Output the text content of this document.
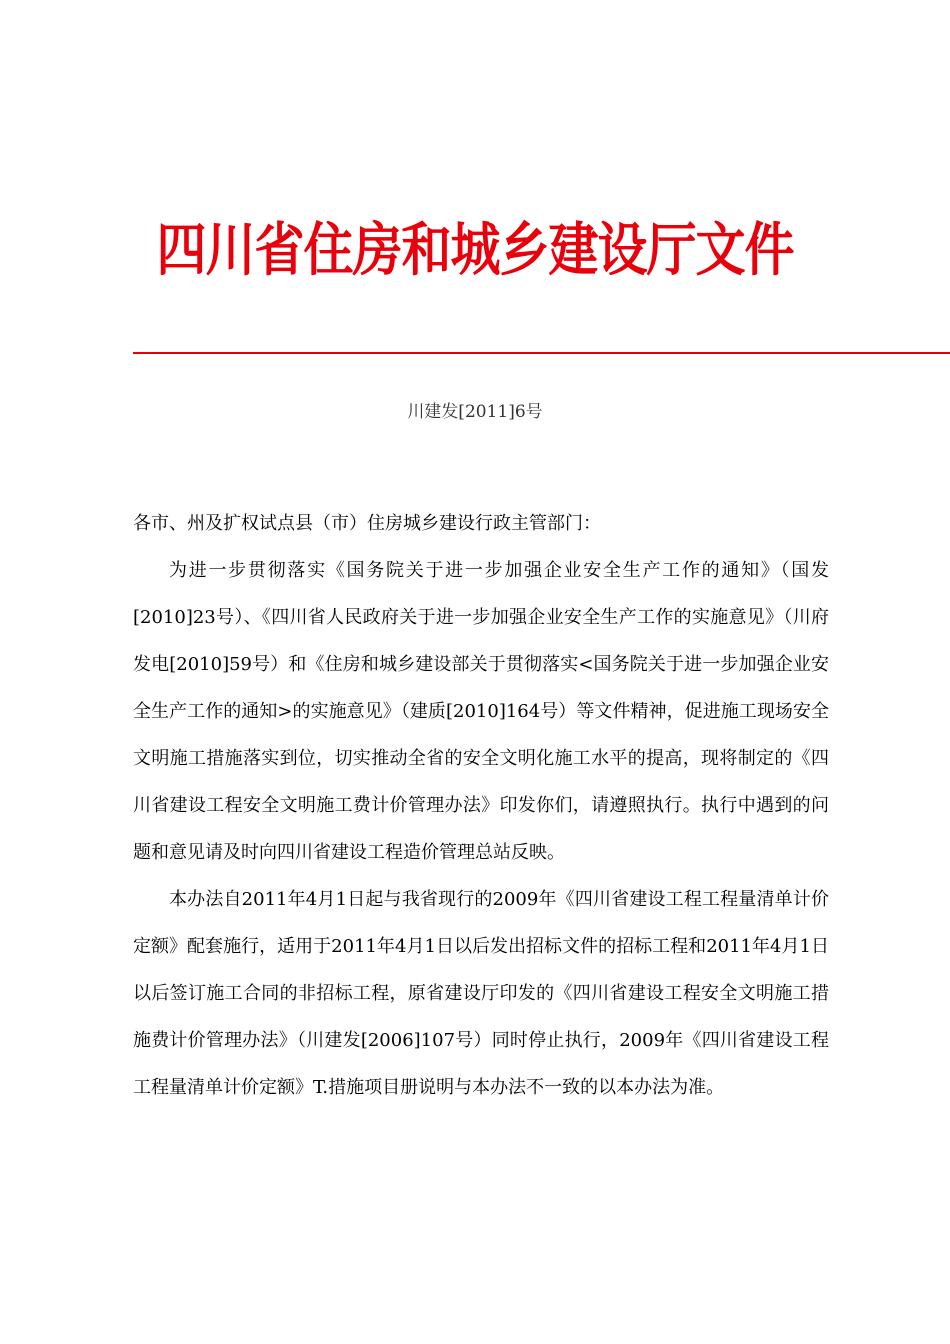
四川省住房和城乡建设厅文件
川建发[2011]6号

各市、州及扩权试点县（市）住房城乡建设行政主管部门：

为进一步贯彻落实《国务院关于进一步加强企业安全生产工作的通知》（国发[2010]23号）、《四川省人民政府关于进一步加强企业安全生产工作的实施意见》（川府发电[2010]59号）和《住房和城乡建设部关于贯彻落实<国务院关于进一步加强企业安全生产工作的通知>的实施意见》（建质[2010]164号）等文件精神，促进施工现场安全文明施工措施落实到位，切实推动全省的安全文明化施工水平的提高，现将制定的《四川省建设工程安全文明施工费计价管理办法》印发你们，请遵照执行。执行中遇到的问题和意见请及时向四川省建设工程造价管理总站反映。

本办法自2011年4月1日起与我省现行的2009年《四川省建设工程工程量清单计价定额》配套施行，适用于2011年4月1日以后发出招标文件的招标工程和2011年4月1日以后签订施工合同的非招标工程，原省建设厅印发的《四川省建设工程安全文明施工措施费计价管理办法》（川建发[2006]107号）同时停止执行，2009年《四川省建设工程工程量清单计价定额》T.措施项目册说明与本办法不一致的以本办法为准。
